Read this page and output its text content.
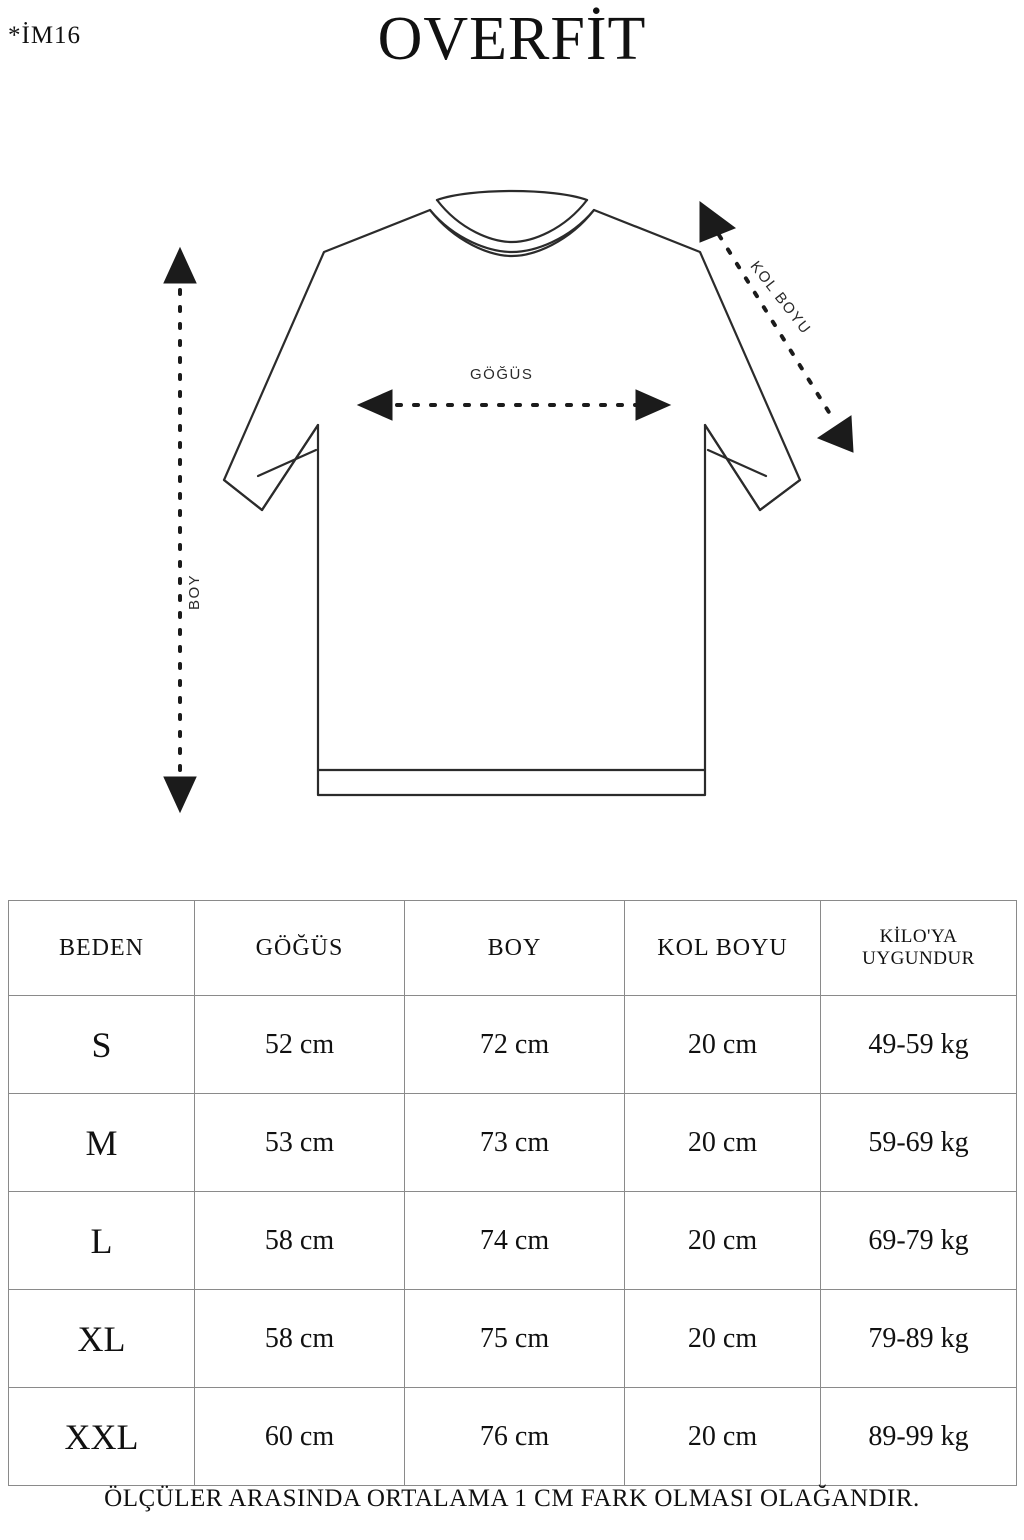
*İM16	OVERFİT
GÖĞÜS
BOY
KOL BOYU
BEDEN	GÖĞÜS	BOY	KOL BOYU	KİLO'YA
UYGUNDUR

S	52 cm	72 cm	20 cm	49-59 kg
M	53 cm	73 cm	20 cm	59-69 kg
L	58 cm	74 cm	20 cm	69-79 kg
XL	58 cm	75 cm	20 cm	79-89 kg
XXL	60 cm	76 cm	20 cm	89-99 kg
ÖLÇÜLER ARASINDA ORTALAMA 1 CM FARK OLMASI OLAĞANDIR.
